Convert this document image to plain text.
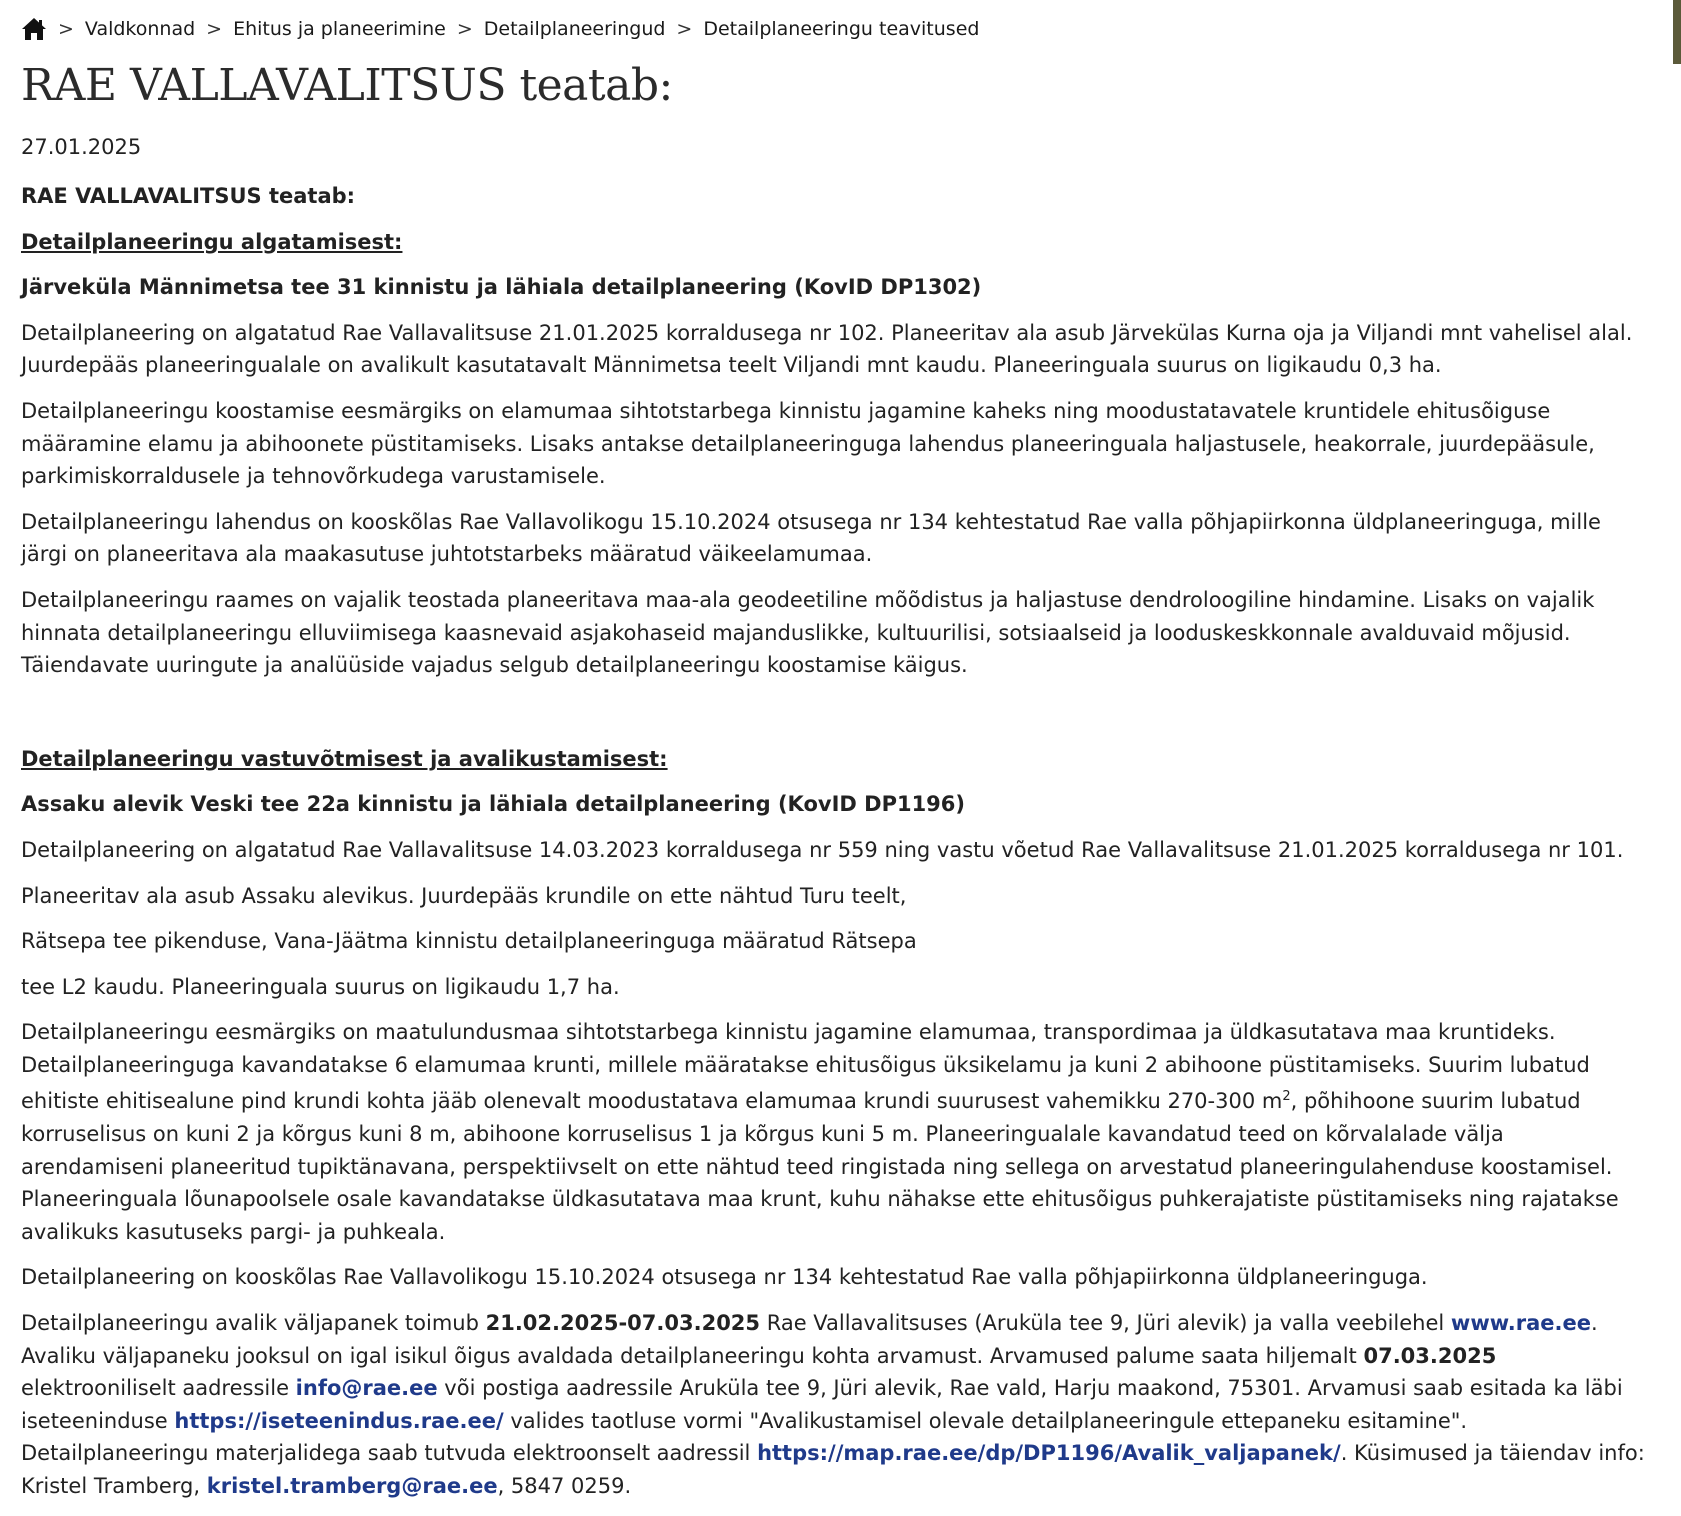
> Valdkonnad > Ehitus ja planeerimine > Detailplaneeringud > Detailplaneeringu teavitused
RAE VALLAVALITSUS teatab:
27.01.2025

RAE VALLAVALITSUS teatab:

Detailplaneeringu algatamisest:

Järveküla Männimetsa tee 31 kinnistu ja lähiala detailplaneering (KovID DP1302)

Detailplaneering on algatatud Rae Vallavalitsuse 21.01.2025 korraldusega nr 102. Planeeritav ala asub Järvekülas Kurna oja ja Viljandi mnt vahelisel alal. Juurdepääs planeeringualale on avalikult kasutatavalt Männimetsa teelt Viljandi mnt kaudu. Planeeringuala suurus on ligikaudu 0,3 ha.

Detailplaneeringu koostamise eesmärgiks on elamumaa sihtotstarbega kinnistu jagamine kaheks ning moodustatavatele kruntidele ehitusõiguse määramine elamu ja abihoonete püstitamiseks. Lisaks antakse detailplaneeringuga lahendus planeeringuala haljastusele, heakorrale, juurdepääsule, parkimiskorraldusele ja tehnovõrkudega varustamisele.

Detailplaneeringu lahendus on kooskõlas Rae Vallavolikogu 15.10.2024 otsusega nr 134 kehtestatud Rae valla põhjapiirkonna üldplaneeringuga, mille järgi on planeeritava ala maakasutuse juhtotstarbeks määratud väikeelamumaa.

Detailplaneeringu raames on vajalik teostada planeeritava maa-ala geodeetiline mõõdistus ja haljastuse dendroloogiline hindamine. Lisaks on vajalik hinnata detailplaneeringu elluviimisega kaasnevaid asjakohaseid majanduslikke, kultuurilisi, sotsiaalseid ja looduskeskkonnale avalduvaid mõjusid. Täiendavate uuringute ja analüüside vajadus selgub detailplaneeringu koostamise käigus.

Detailplaneeringu vastuvõtmisest ja avalikustamisest:

Assaku alevik Veski tee 22a kinnistu ja lähiala detailplaneering (KovID DP1196)

Detailplaneering on algatatud Rae Vallavalitsuse 14.03.2023 korraldusega nr 559 ning vastu võetud Rae Vallavalitsuse 21.01.2025 korraldusega nr 101.

Planeeritav ala asub Assaku alevikus. Juurdepääs krundile on ette nähtud Turu teelt,

Rätsepa tee pikenduse, Vana-Jäätma kinnistu detailplaneeringuga määratud Rätsepa

tee L2 kaudu. Planeeringuala suurus on ligikaudu 1,7 ha.

Detailplaneeringu eesmärgiks on maatulundusmaa sihtotstarbega kinnistu jagamine elamumaa, transpordimaa ja üldkasutatava maa kruntideks. Detailplaneeringuga kavandatakse 6 elamumaa krunti, millele määratakse ehitusõigus üksikelamu ja kuni 2 abihoone püstitamiseks. Suurim lubatud ehitiste ehitisealune pind krundi kohta jääb olenevalt moodustatava elamumaa krundi suurusest vahemikku 270-300 $m^2$, põhihoone suurim lubatud korruselisus on kuni 2 ja kõrgus kuni 8 m, abihoone korruselisus 1 ja kõrgus kuni 5 m. Planeeringualale kavandatud teed on kõrvalalade välja arendamiseni planeeritud tupiktänavana, perspektiivselt on ette nähtud teed ringistada ning sellega on arvestatud planeeringulahenduse koostamisel. Planeeringuala lõunapoolsele osale kavandatakse üldkasutatava maa krunt, kuhu nähakse ette ehitusõigus puhkerajatiste püstitamiseks ning rajatakse avalikuks kasutuseks pargi- ja puhkeala.

Detailplaneering on kooskõlas Rae Vallavolikogu 15.10.2024 otsusega nr 134 kehtestatud Rae valla põhjapiirkonna üldplaneeringuga.

Detailplaneeringu avalik väljapanek toimub 21.02.2025-07.03.2025 Rae Vallavalitsuses (Aruküla tee 9, Jüri alevik) ja valla veebilehel www.rae.ee. Avaliku väljapaneku jooksul on igal isikul õigus avaldada detailplaneeringu kohta arvamust. Arvamused palume saata hiljemalt 07.03.2025 elektrooniliselt aadressile info@rae.ee või postiga aadressile Aruküla tee 9, Jüri alevik, Rae vald, Harju maakond, 75301. Arvamusi saab esitada ka läbi iseteeninduse https://iseteenindus.rae.ee/ valides taotluse vormi "Avalikustamisel olevale detailplaneeringule ettepaneku esitamine". Detailplaneeringu materjalidega saab tutvuda elektroonselt aadressil https://map.rae.ee/dp/DP1196/Avalik_valjapanek/. Küsimused ja täiendav info: Kristel Tramberg, kristel.tramberg@rae.ee, 5847 0259.
